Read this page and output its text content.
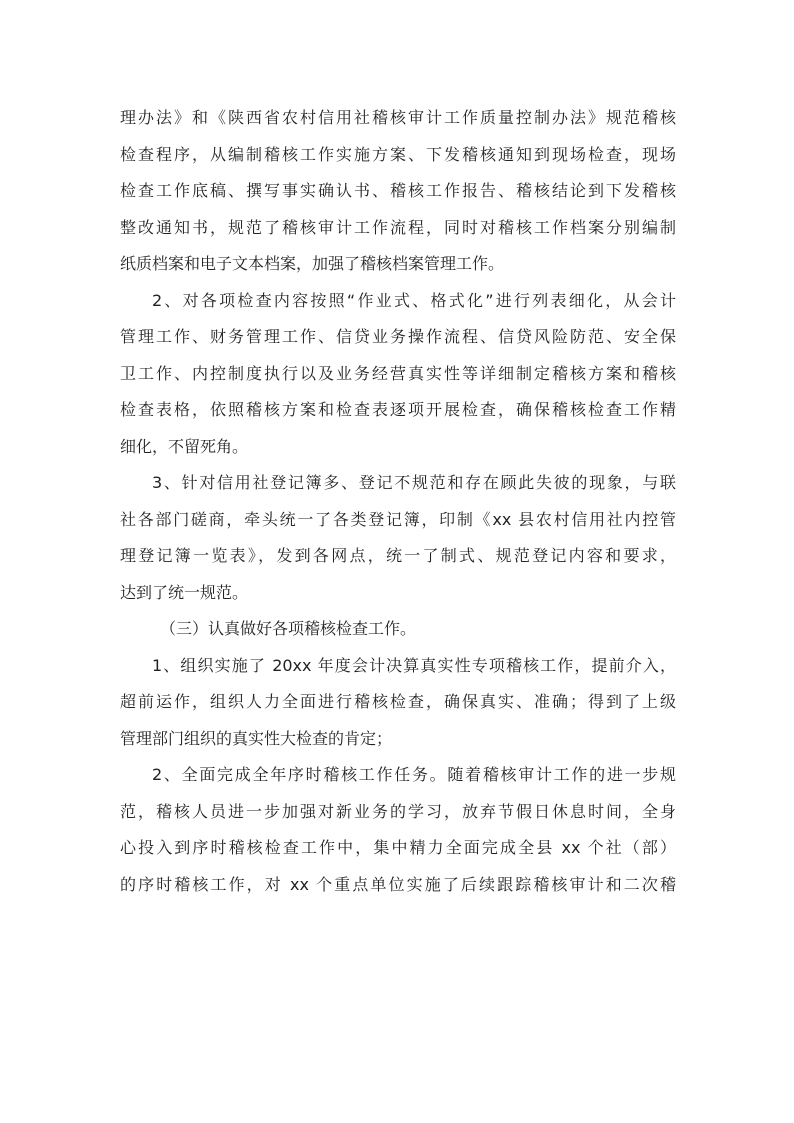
理办法》和《陕西省农村信用社稽核审计工作质量控制办法》规范稽核
检查程序，从编制稽核工作实施方案、下发稽核通知到现场检查，现场
检查工作底稿、撰写事实确认书、稽核工作报告、稽核结论到下发稽核
整改通知书，规范了稽核审计工作流程，同时对稽核工作档案分别编制
纸质档案和电子文本档案，加强了稽核档案管理工作。
2、对各项检查内容按照“作业式、格式化”进行列表细化，从会计
管理工作、财务管理工作、信贷业务操作流程、信贷风险防范、安全保
卫工作、内控制度执行以及业务经营真实性等详细制定稽核方案和稽核
检查表格，依照稽核方案和检查表逐项开展检查，确保稽核检查工作精
细化，不留死角。
3、针对信用社登记簿多、登记不规范和存在顾此失彼的现象，与联
社各部门磋商，牵头统一了各类登记簿，印制《xx 县农村信用社内控管
理登记簿一览表》，发到各网点，统一了制式、规范登记内容和要求，
达到了统一规范。
（三）认真做好各项稽核检查工作。
1、组织实施了 20xx 年度会计决算真实性专项稽核工作，提前介入，
超前运作，组织人力全面进行稽核检查，确保真实、准确；得到了上级
管理部门组织的真实性大检查的肯定；
2、全面完成全年序时稽核工作任务。随着稽核审计工作的进一步规
范，稽核人员进一步加强对新业务的学习，放弃节假日休息时间，全身
心投入到序时稽核检查工作中，集中精力全面完成全县 xx 个社（部）
的序时稽核工作，对 xx 个重点单位实施了后续跟踪稽核审计和二次稽
